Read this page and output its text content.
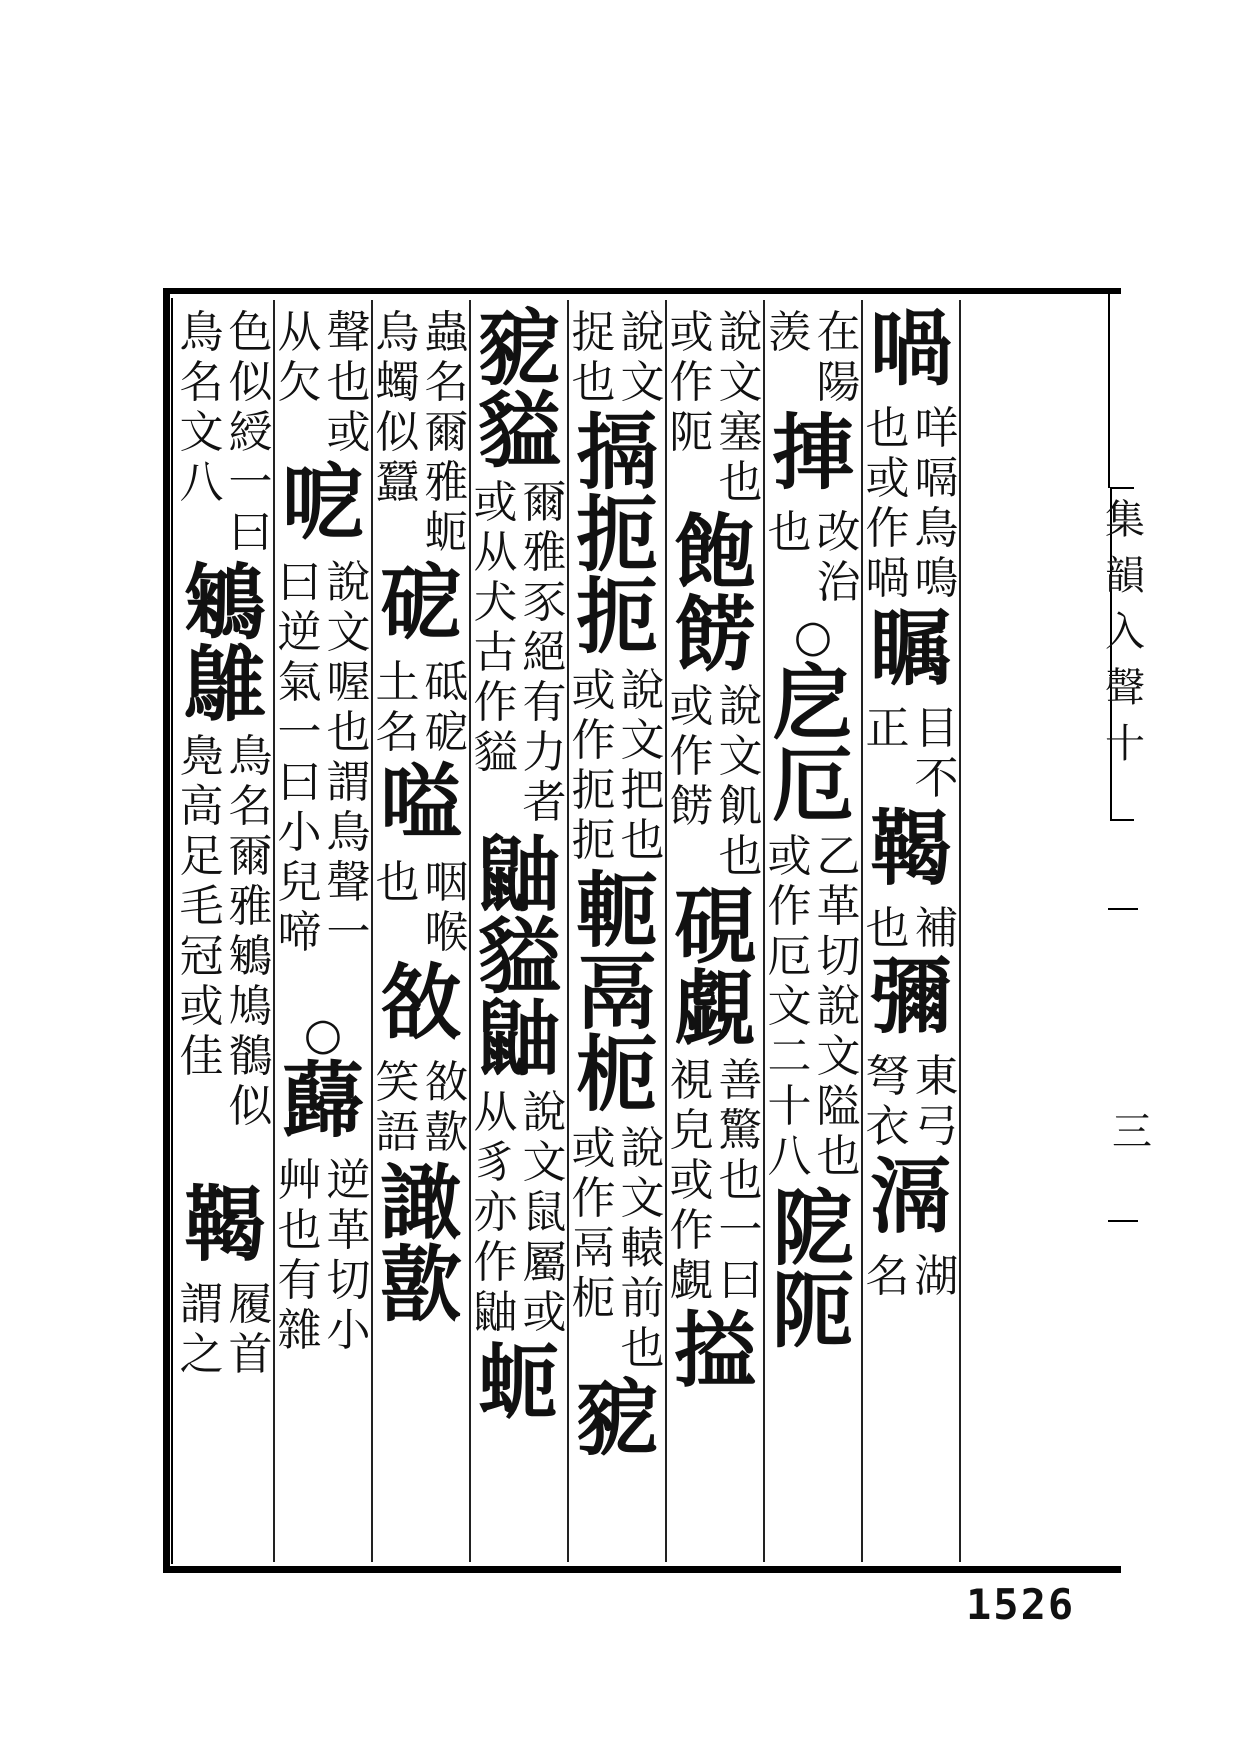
喎
咩
嗝
鳥
鳴
也
或
作
喎
瞩
目
不
正
鞨
補
也
彌
東
弓
弩
衣
滆
湖
名
在
陽
羡
捙
改
治
也
○
戹
厄
乙
革
切
說
文
隘
也
或
作
厄
文
二
十
八
阸
阨
說
文
塞
也
或
作
阨
飽
餝
說
文
飢
也
或
作
餝
硯
覷
善
驚
也
一
曰
視
皃
或
作
覷
搤
說
文
捉
也
搹
扼
扼
說
文
把
也
或
作
扼
扼
軛
鬲
枙
說
文
轅
前
也
或
作
鬲
枙
豟
豟
貖
爾
雅
豕
絕
有
力
者
或
从
犬
古
作
貖
鼬
貖
鼬
說
文
鼠
屬
或
从
豸
亦
作
鼬
蚅
蟲
名
爾
雅
蚅
烏
蠋
似
蠶
砨
砥
砨
土
名
嗌
咽
喉
也
敋
敋
歖
笑
語
譀
歖
聲
也
或
从
欠
呝
說
文
喔
也
謂
鳥
聲
一
曰
逆
氣
一
曰
小
兒
啼
○
蘬
逆
革
切
小
艸
也
有
雜
色
似
綬
一
曰
鳥
名
文
八
鵴
鵻
鳥
名
爾
雅
鵴
鳩
鶺
似
鳧
高
足
毛
冠
或
佳
鞨
履
首
謂
之
集
韻
入
聲
十
三
1526
